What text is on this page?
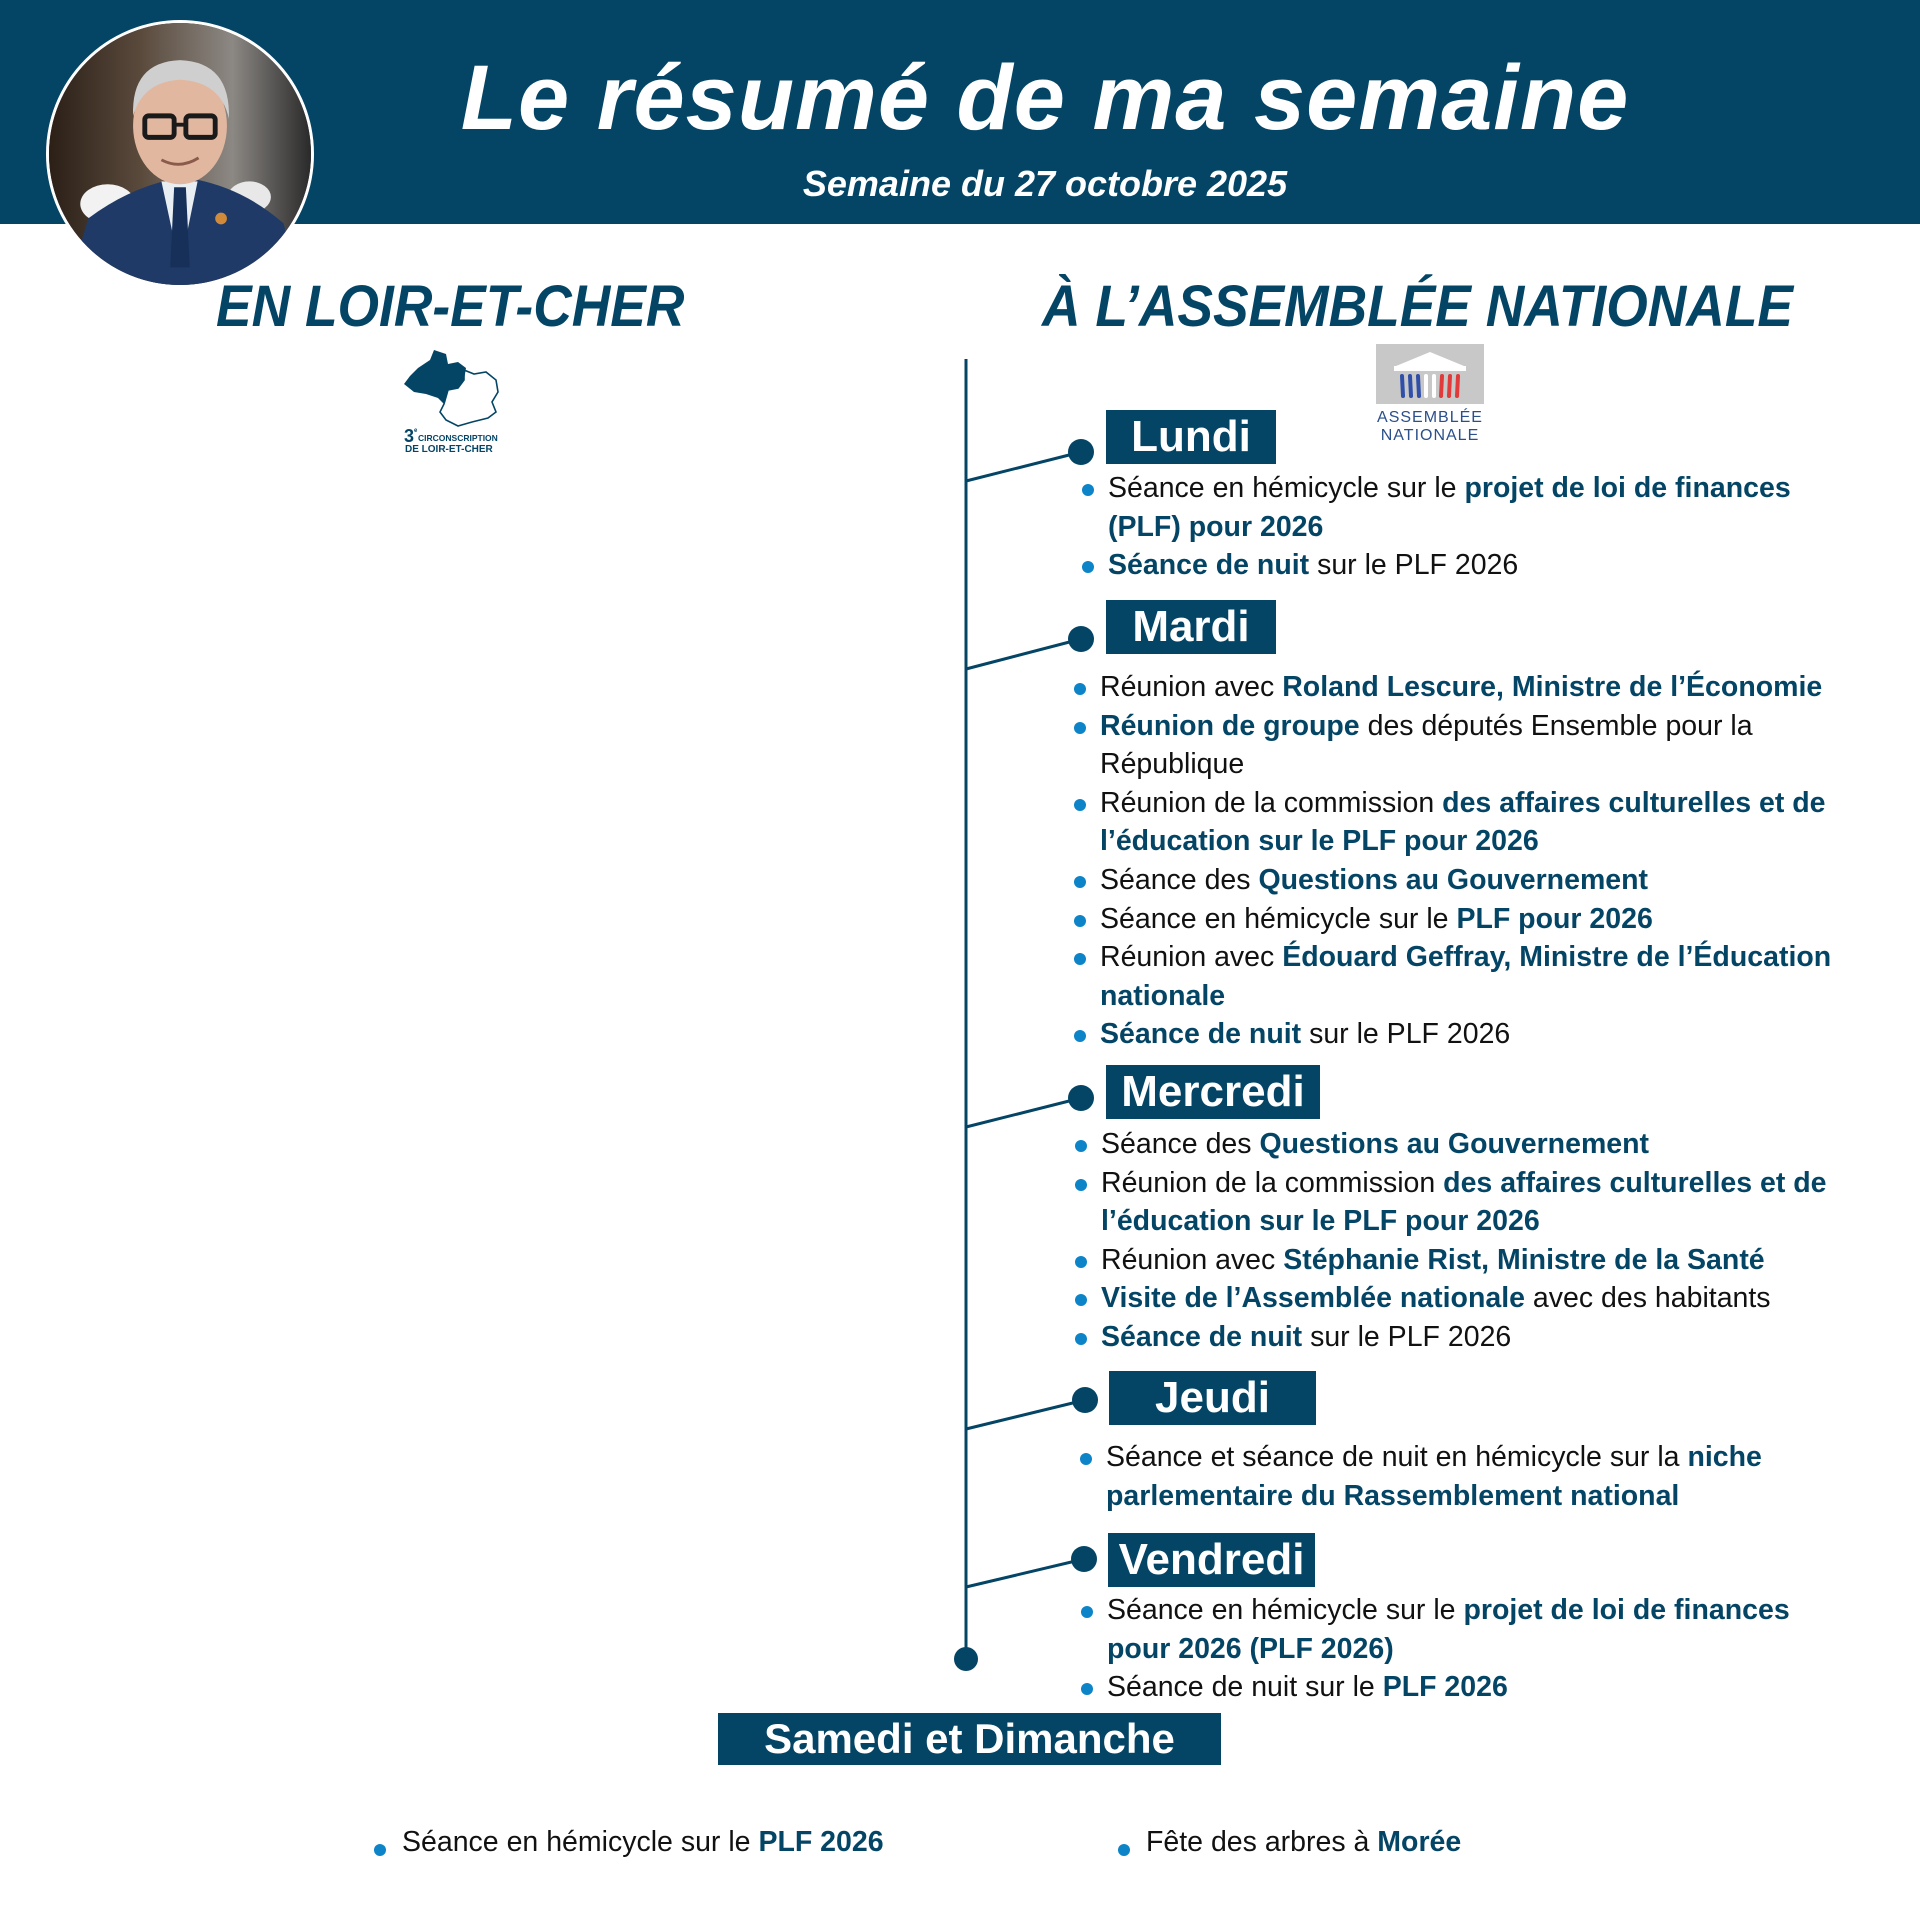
Le résumé de ma semaine
Semaine du 27 octobre 2025
EN LOIR-ET-CHER	À L’ASSEMBLÉE NATIONALE
3 e
CIRCONSCRIPTION
DE LOIR-ET-CHER
ASSEMBLÉE
NATIONALE
Lundi
Séance en hémicycle sur le projet de loi de finances
(PLF) pour 2026
Séance de nuit sur le PLF 2026
Mardi
Réunion avec Roland Lescure, Ministre de l’Économie
Réunion de groupe des députés Ensemble pour la
République
Réunion de la commission des affaires culturelles et de
l’éducation sur le PLF pour 2026
Séance des Questions au Gouvernement
Séance en hémicycle sur le PLF pour 2026
Réunion avec Édouard Geffray, Ministre de l’Éducation
nationale
Séance de nuit sur le PLF 2026
Mercredi
Séance des Questions au Gouvernement
Réunion de la commission des affaires culturelles et de
l’éducation sur le PLF pour 2026
Réunion avec Stéphanie Rist, Ministre de la Santé
Visite de l’Assemblée nationale avec des habitants
Séance de nuit sur le PLF 2026
Jeudi
Séance et séance de nuit en hémicycle sur la niche
parlementaire du Rassemblement national
Vendredi
Séance en hémicycle sur le projet de loi de finances
pour 2026 (PLF 2026)
Séance de nuit sur le PLF 2026
Samedi et Dimanche
Séance en hémicycle sur le PLF 2026	Fête des arbres à Morée
